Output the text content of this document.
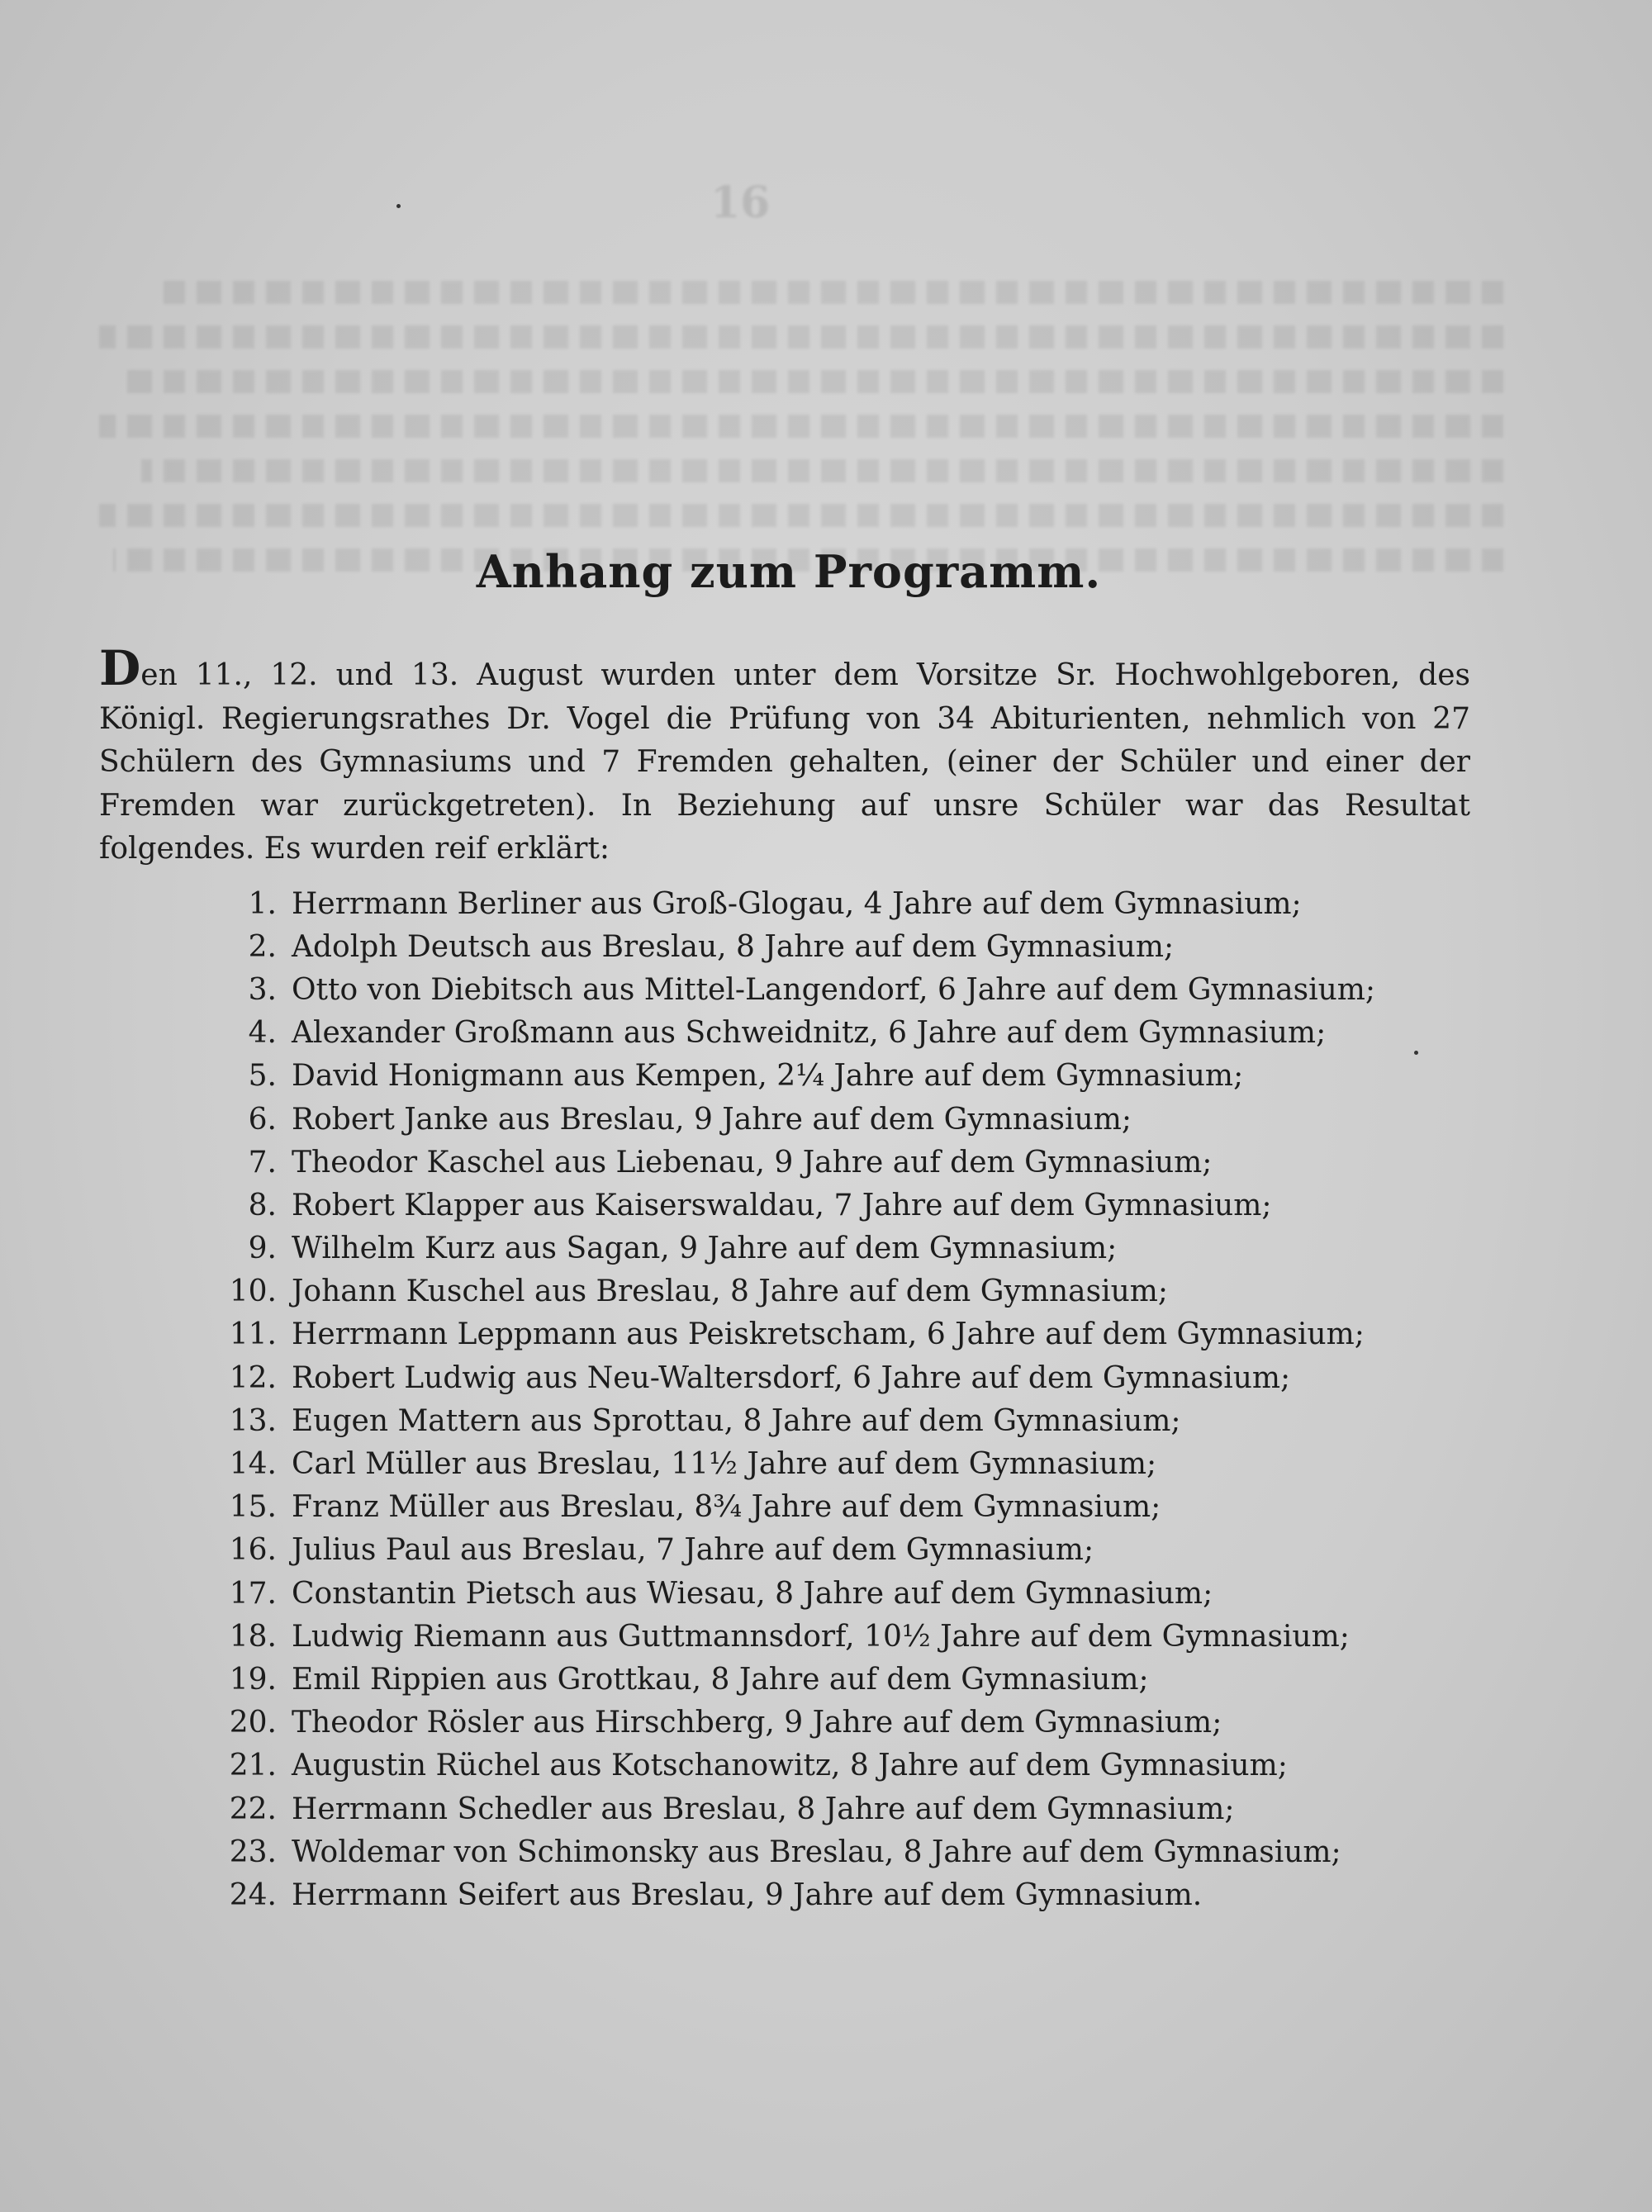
16
Anhang zum Programm.
Den 11., 12. und 13. August wurden unter dem Vorsitze Sr. Hochwohlgeboren, des Königl. Regierungsrathes Dr. Vogel die Prüfung von 34 Abiturienten, nehmlich von 27 Schülern des Gymnasiums und 7 Fremden gehalten, (einer der Schüler und einer der Fremden war zurückgetreten). In Beziehung auf unsre Schüler war das Resultat folgendes. Es wurden reif erklärt:
1. Herrmann Berliner aus Groß-Glogau, 4 Jahre auf dem Gymnasium;
2. Adolph Deutsch aus Breslau, 8 Jahre auf dem Gymnasium;
3. Otto von Diebitsch aus Mittel-Langendorf, 6 Jahre auf dem Gymnasium;
4. Alexander Großmann aus Schweidnitz, 6 Jahre auf dem Gymnasium;
5. David Honigmann aus Kempen, 2¼ Jahre auf dem Gymnasium;
6. Robert Janke aus Breslau, 9 Jahre auf dem Gymnasium;
7. Theodor Kaschel aus Liebenau, 9 Jahre auf dem Gymnasium;
8. Robert Klapper aus Kaiserswaldau, 7 Jahre auf dem Gymnasium;
9. Wilhelm Kurz aus Sagan, 9 Jahre auf dem Gymnasium;
10. Johann Kuschel aus Breslau, 8 Jahre auf dem Gymnasium;
11. Herrmann Leppmann aus Peiskretscham, 6 Jahre auf dem Gymnasium;
12. Robert Ludwig aus Neu-Waltersdorf, 6 Jahre auf dem Gymnasium;
13. Eugen Mattern aus Sprottau, 8 Jahre auf dem Gymnasium;
14. Carl Müller aus Breslau, 11½ Jahre auf dem Gymnasium;
15. Franz Müller aus Breslau, 8¾ Jahre auf dem Gymnasium;
16. Julius Paul aus Breslau, 7 Jahre auf dem Gymnasium;
17. Constantin Pietsch aus Wiesau, 8 Jahre auf dem Gymnasium;
18. Ludwig Riemann aus Guttmannsdorf, 10½ Jahre auf dem Gymnasium;
19. Emil Rippien aus Grottkau, 8 Jahre auf dem Gymnasium;
20. Theodor Rösler aus Hirschberg, 9 Jahre auf dem Gymnasium;
21. Augustin Rüchel aus Kotschanowitz, 8 Jahre auf dem Gymnasium;
22. Herrmann Schedler aus Breslau, 8 Jahre auf dem Gymnasium;
23. Woldemar von Schimonsky aus Breslau, 8 Jahre auf dem Gymnasium;
24. Herrmann Seifert aus Breslau, 9 Jahre auf dem Gymnasium.
